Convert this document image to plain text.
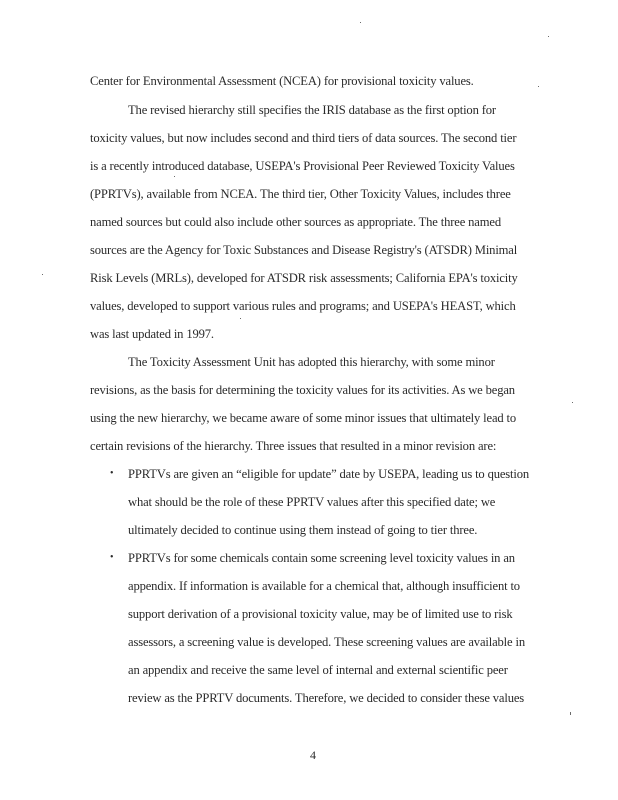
Center for Environmental Assessment (NCEA) for provisional toxicity values.
The revised hierarchy still specifies the IRIS database as the first option for
toxicity values, but now includes second and third tiers of data sources. The second tier
is a recently introduced database, USEPA's Provisional Peer Reviewed Toxicity Values
(PPRTVs), available from NCEA. The third tier, Other Toxicity Values, includes three
named sources but could also include other sources as appropriate. The three named
sources are the Agency for Toxic Substances and Disease Registry's (ATSDR) Minimal
Risk Levels (MRLs), developed for ATSDR risk assessments; California EPA's toxicity
values, developed to support various rules and programs; and USEPA's HEAST, which
was last updated in 1997.
The Toxicity Assessment Unit has adopted this hierarchy, with some minor
revisions, as the basis for determining the toxicity values for its activities. As we began
using the new hierarchy, we became aware of some minor issues that ultimately lead to
certain revisions of the hierarchy. Three issues that resulted in a minor revision are:
• PPRTVs are given an “eligible for update” date by USEPA, leading us to question
what should be the role of these PPRTV values after this specified date; we
ultimately decided to continue using them instead of going to tier three.
• PPRTVs for some chemicals contain some screening level toxicity values in an
appendix. If information is available for a chemical that, although insufficient to
support derivation of a provisional toxicity value, may be of limited use to risk
assessors, a screening value is developed. These screening values are available in
an appendix and receive the same level of internal and external scientific peer
review as the PPRTV documents. Therefore, we decided to consider these values
4
